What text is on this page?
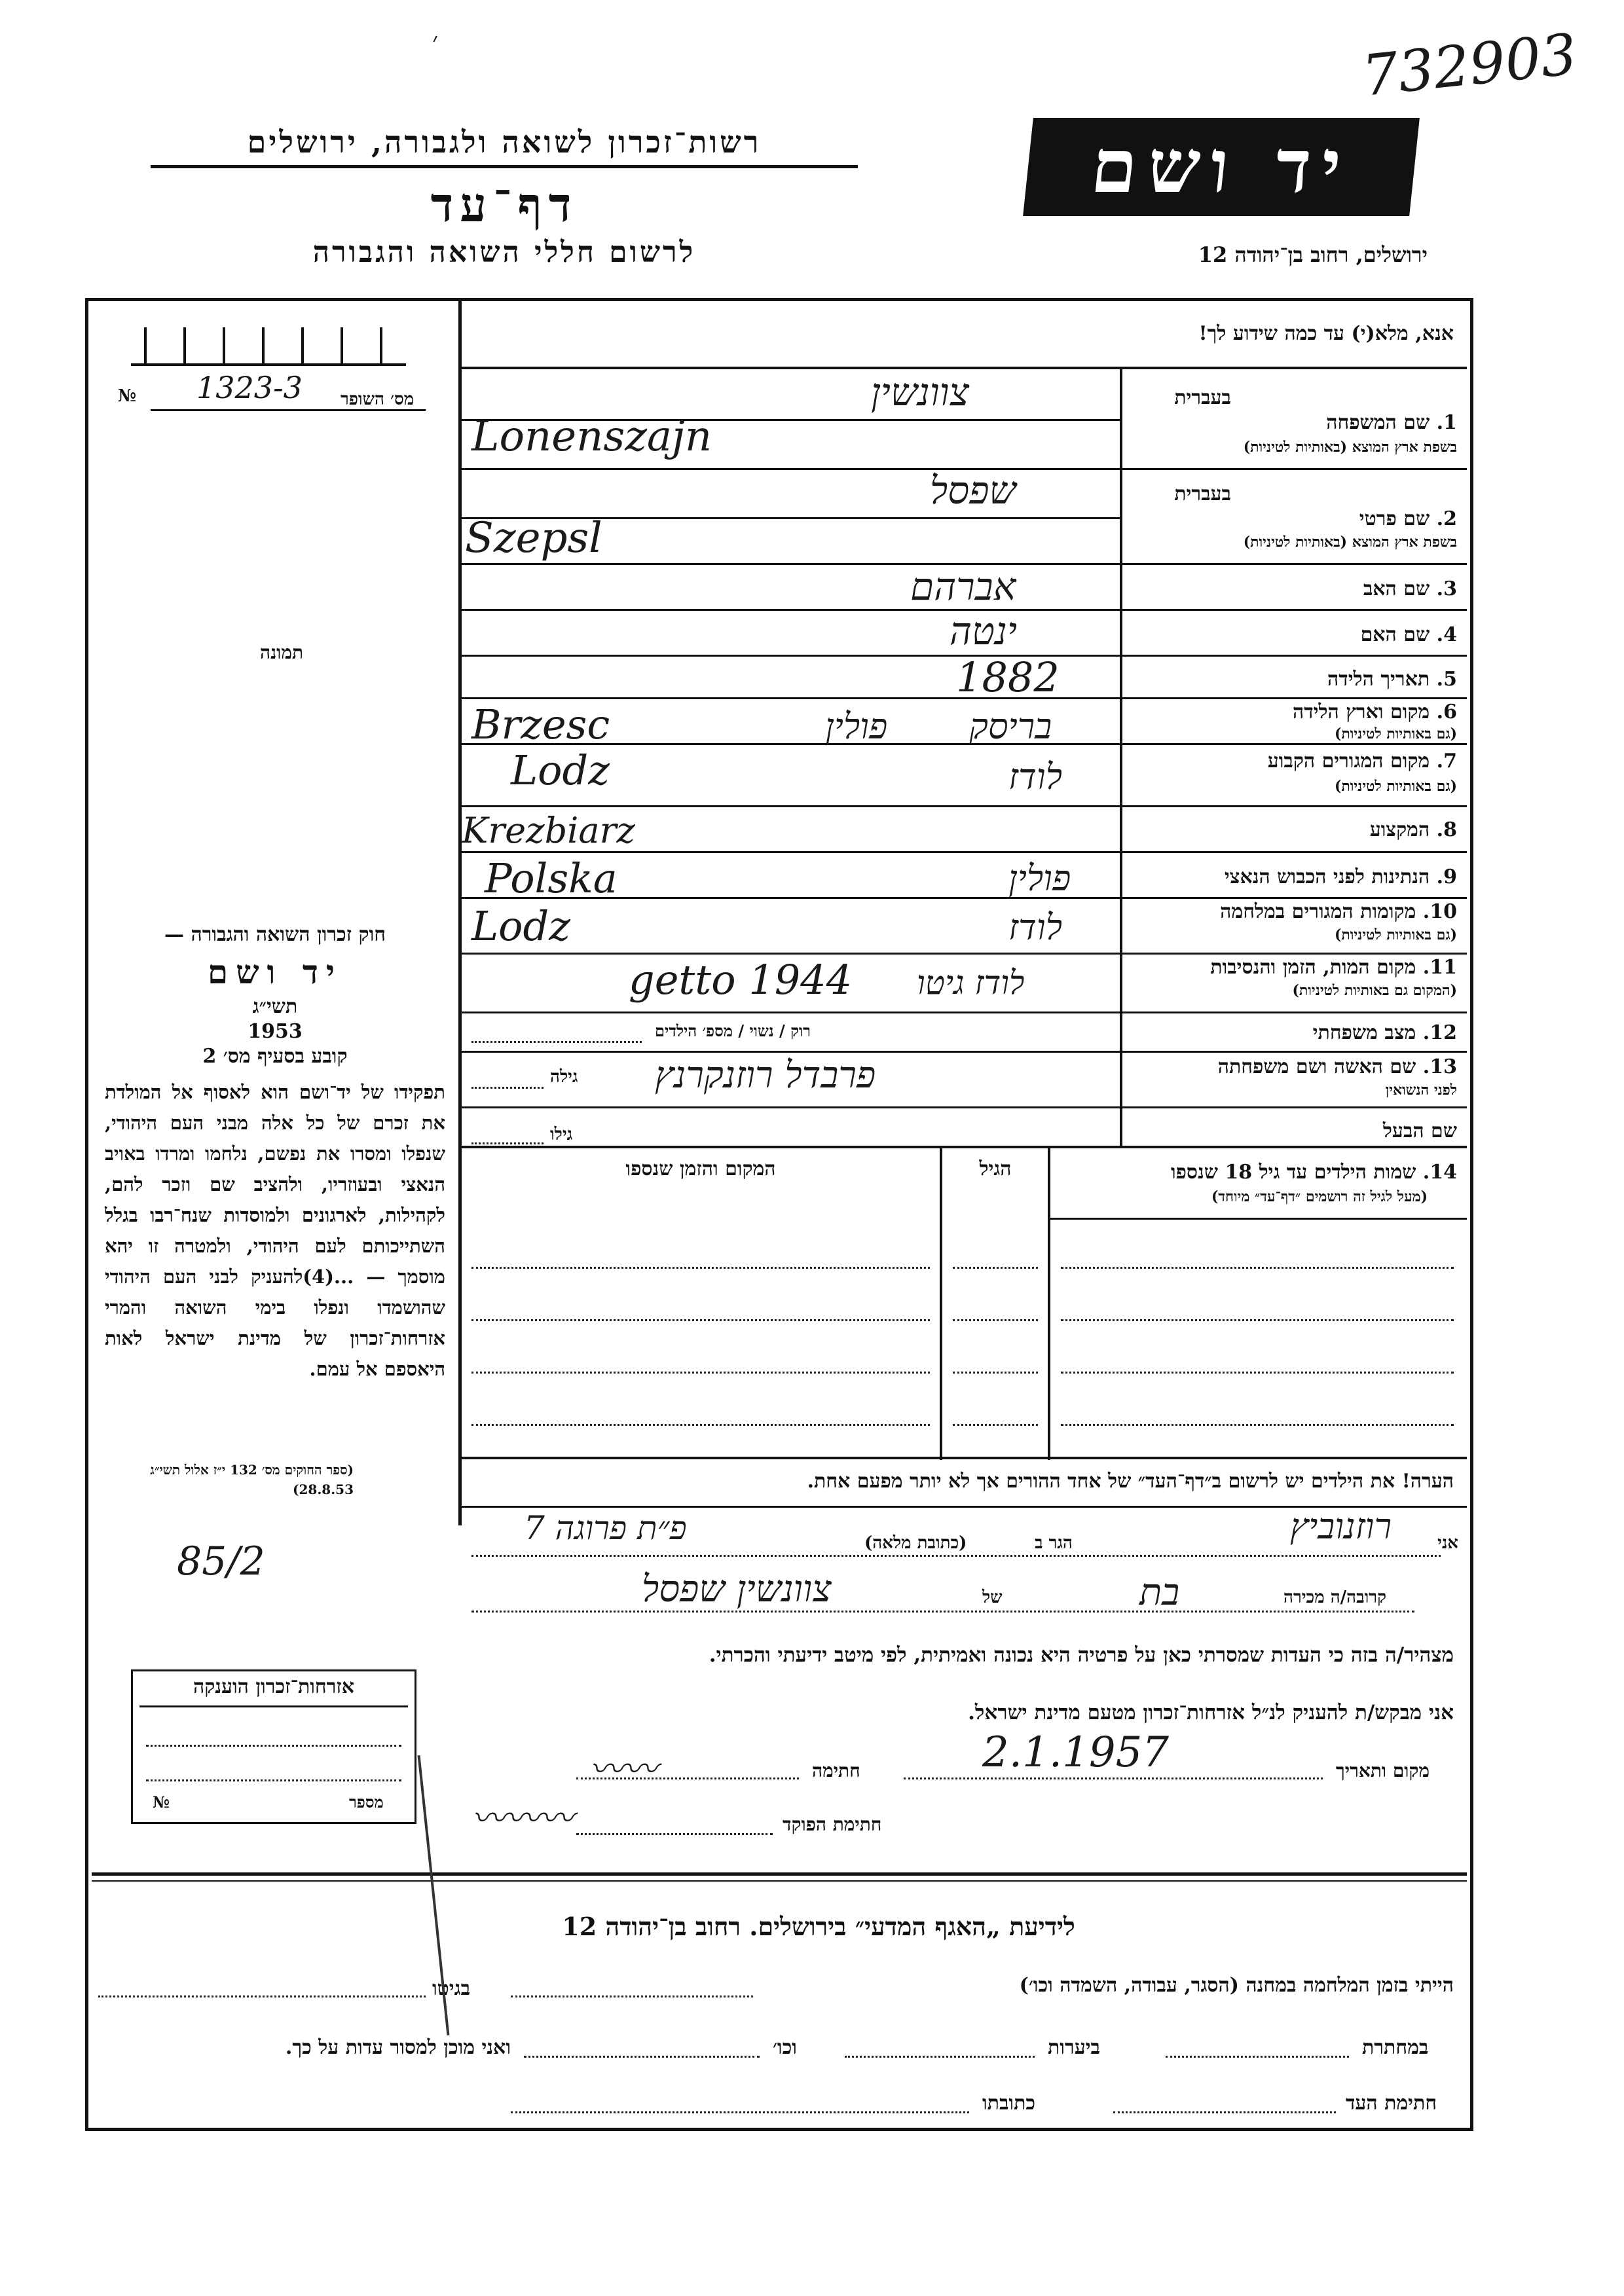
732903
׳
רשות־זכרון לשואה ולגבורה, ירושלים
דף־עד
לרשום חללי השואה והגבורה
יד ושם
ירושלים, רחוב בן־יהודה 12
אנא, מלא(י) עד כמה שידוע לך!
№ 1323-3 מס׳ השופר
תמונה
חוק זכרון השואה והגבורה —
יד ושם
תשי״ג
1953
קובע בסעיף מס׳ 2
תפקידו של יד־ושם הוא לאסוף אל המולדת את זכרם של כל אלה מבני העם היהודי, שנפלו ומסרו את נפשם, נלחמו ומרדו באויב הנאצי ובעוזריו, ולהציב שם וזכר להם, לקהילות, לארגונים ולמוסדות שנח־רבו בגלל השתייכותם לעם היהודי, ולמטרה זו יהא מוסמך — ...(4)להעניק לבני העם היהודי שהושמדו ונפלו בימי השואה והמרי אזרחות־זכרון של מדינת ישראל לאות היאספם אל עמם.
(ספר החוקים מס׳ 132 י״ז אלול תשי״ג 28.8.53)
בעברית
1. שם המשפחה
בשפת ארץ המוצא (באותיות לטיניות)
בעברית
2. שם פרטי
בשפת ארץ המוצא (באותיות לטיניות)
3. שם האב
4. שם האם
5. תאריך הלידה
6. מקום וארץ הלידה
(גם באותיות לטיניות)
7. מקום המגורים הקבוע
(גם באותיות לטיניות)
8. המקצוע
9. הנתינות לפני הכבוש הנאצי
10. מקומות המגורים במלחמה
(גם באותיות לטיניות)
11. מקום המות, הזמן והנסיבות
(המקום גם באותיות לטיניות)
12. מצב משפחתי
13. שם האשה ושם משפחתה
לפני הנשואין
שם הבעל
צוונשין
Lonenszajn
שפסל
Szepsl
אברהם
ינטה
1882
פולין בריסק
Brzesc
לודז
Lodz
Krezbiarz
פולין
Polska
לודז
Lodz
לודז גיטו
getto 1944
רוק / נשוי / מספ׳ הילדים
פרבדל רוזנקרנץ
גילה
גילו
14. שמות הילדים עד גיל 18 שנספו
(מעל לגיל זה רושמים ״דף־עד״ מיוחד)
הגיל
המקום והזמן שנספו
הערה! את הילדים יש לרשום ב״דף־העד״ של אחד ההורים אך לא יותר מפעם אחת.
85/2
רוזנוביץ	אני
הגר ב
(כתובת מלאה)
פ״ת פרוגה 7
קרובה/ה מכירה
בת
של
צוונשין שפסל
מצהיר/ה בזה כי העדות שמסרתי כאן על פרטיה היא נכונה ואמיתית, לפי מיטב ידיעתי והכרתי.
אני מבקש/ת להעניק לנ״ל אזרחות־זכרון מטעם מדינת ישראל.
מקום ותאריך
2.1.1957
חתימה
〰〰
חתימת הפוקד
〰〰〰
אזרחות־זכרון הוענקה
מספר
№
לידיעת „האגף המדעי״ בירושלים. רחוב בן־יהודה 12
הייתי בזמן המלחמה במחנה (הסגר, עבודה, השמדה וכו׳)
בגיטו
במחתרת
ביערות
וכו׳
ואני מוכן למסור עדות על כך.
חתימת העד
כתובתו
